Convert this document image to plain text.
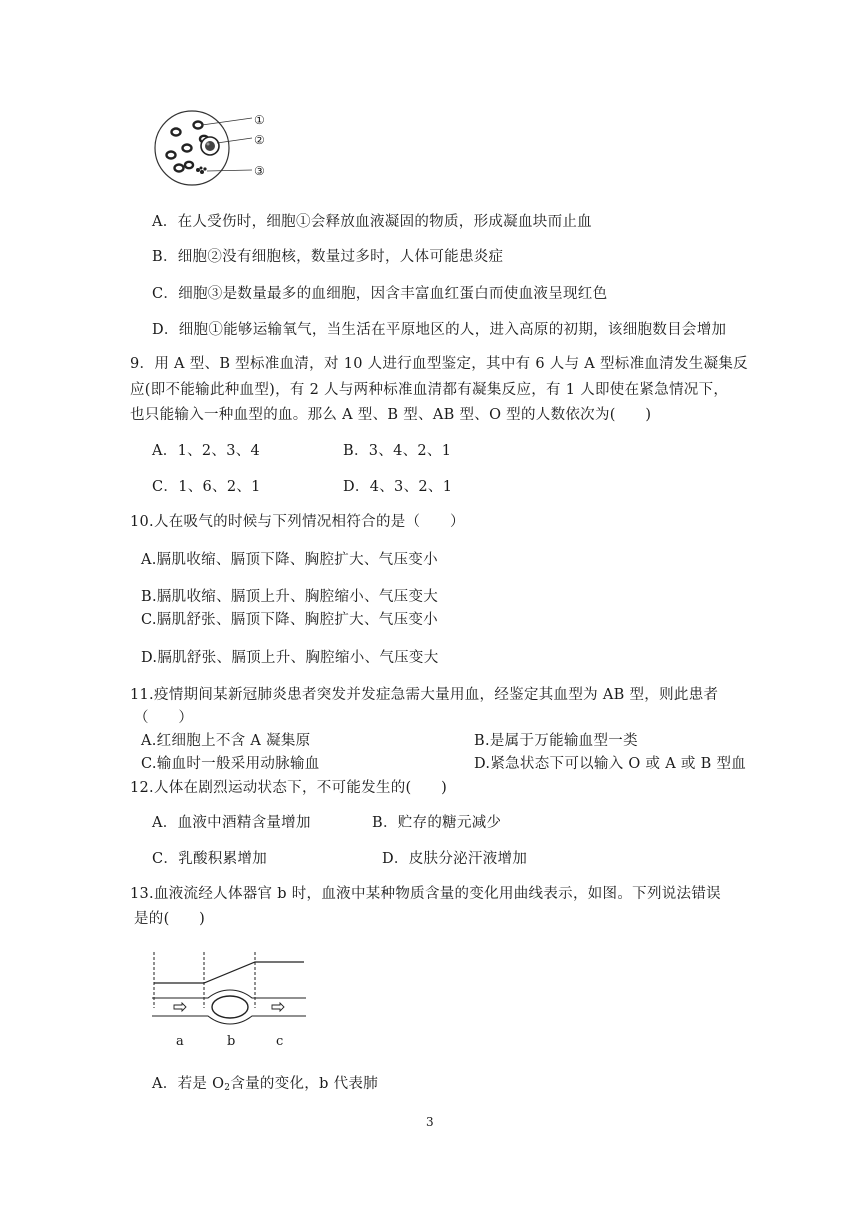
①
②
③
A．在人受伤时，细胞①会释放血液凝固的物质，形成凝血块而止血
B．细胞②没有细胞核，数量过多时，人体可能患炎症
C．细胞③是数量最多的血细胞，因含丰富血红蛋白而使血液呈现红色
D．细胞①能够运输氧气，当生活在平原地区的人，进入高原的初期，该细胞数目会增加
9．用 A 型、B 型标准血清，对 10 人进行血型鉴定，其中有 6 人与 A 型标准血清发生凝集反
应(即不能输此种血型)，有 2 人与两种标准血清都有凝集反应，有 1 人即使在紧急情况下，
也只能输入一种血型的血。那么 A 型、B 型、AB 型、O 型的人数依次为(　　)
A．1、2、3、4	B．3、4、2、1
C．1、6、2、1	D．4、3、2、1
10.人在吸气的时候与下列情况相符合的是（　　）
A.膈肌收缩、膈顶下降、胸腔扩大、气压变小
B.膈肌收缩、膈顶上升、胸腔缩小、气压变大
C.膈肌舒张、膈顶下降、胸腔扩大、气压变小
D.膈肌舒张、膈顶上升、胸腔缩小、气压变大
11.疫情期间某新冠肺炎患者突发并发症急需大量用血，经鉴定其血型为 AB 型，则此患者
（　　）
A.红细胞上不含 A 凝集原	B.是属于万能输血型一类
C.输血时一般采用动脉输血	D.紧急状态下可以输入 O 或 A 或 B 型血
12.人体在剧烈运动状态下，不可能发生的(　　)
A．血液中酒精含量增加	B．贮存的糖元减少
C．乳酸积累增加	D．皮肤分泌汗液增加
13.血液流经人体器官 b 时，血液中某种物质含量的变化用曲线表示，如图。下列说法错误
是的(　　)
a	b	c
A．若是 $O_2$含量的变化，b 代表肺
3
